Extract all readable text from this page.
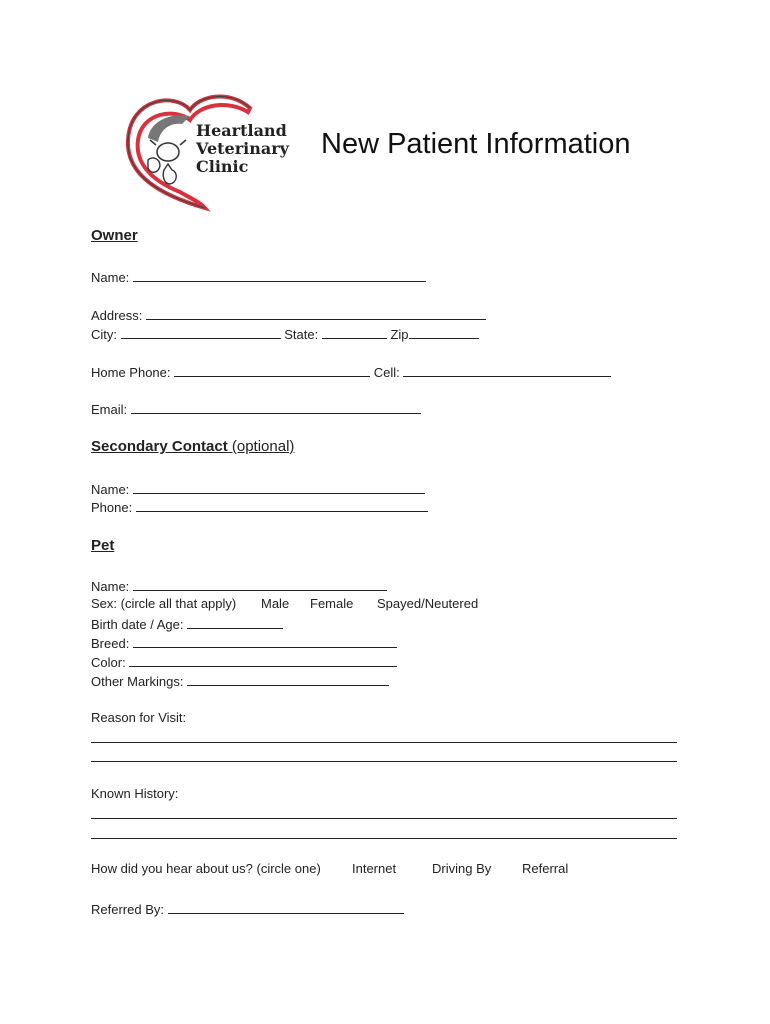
Heartland
Veterinary
Clinic
New Patient Information
Owner
Name:
Address:
City:	State:	Zip
Home Phone:	Cell:
Email:
Secondary Contact (optional)
Name:
Phone:
Pet
Name:
Sex: (circle all that apply) Male Female Spayed/Neutered
Birth date / Age:
Breed:
Color:
Other Markings:
Reason for Visit:
Known History:
How did you hear about us? (circle one) Internet	Driving By Referral
Referred By:
